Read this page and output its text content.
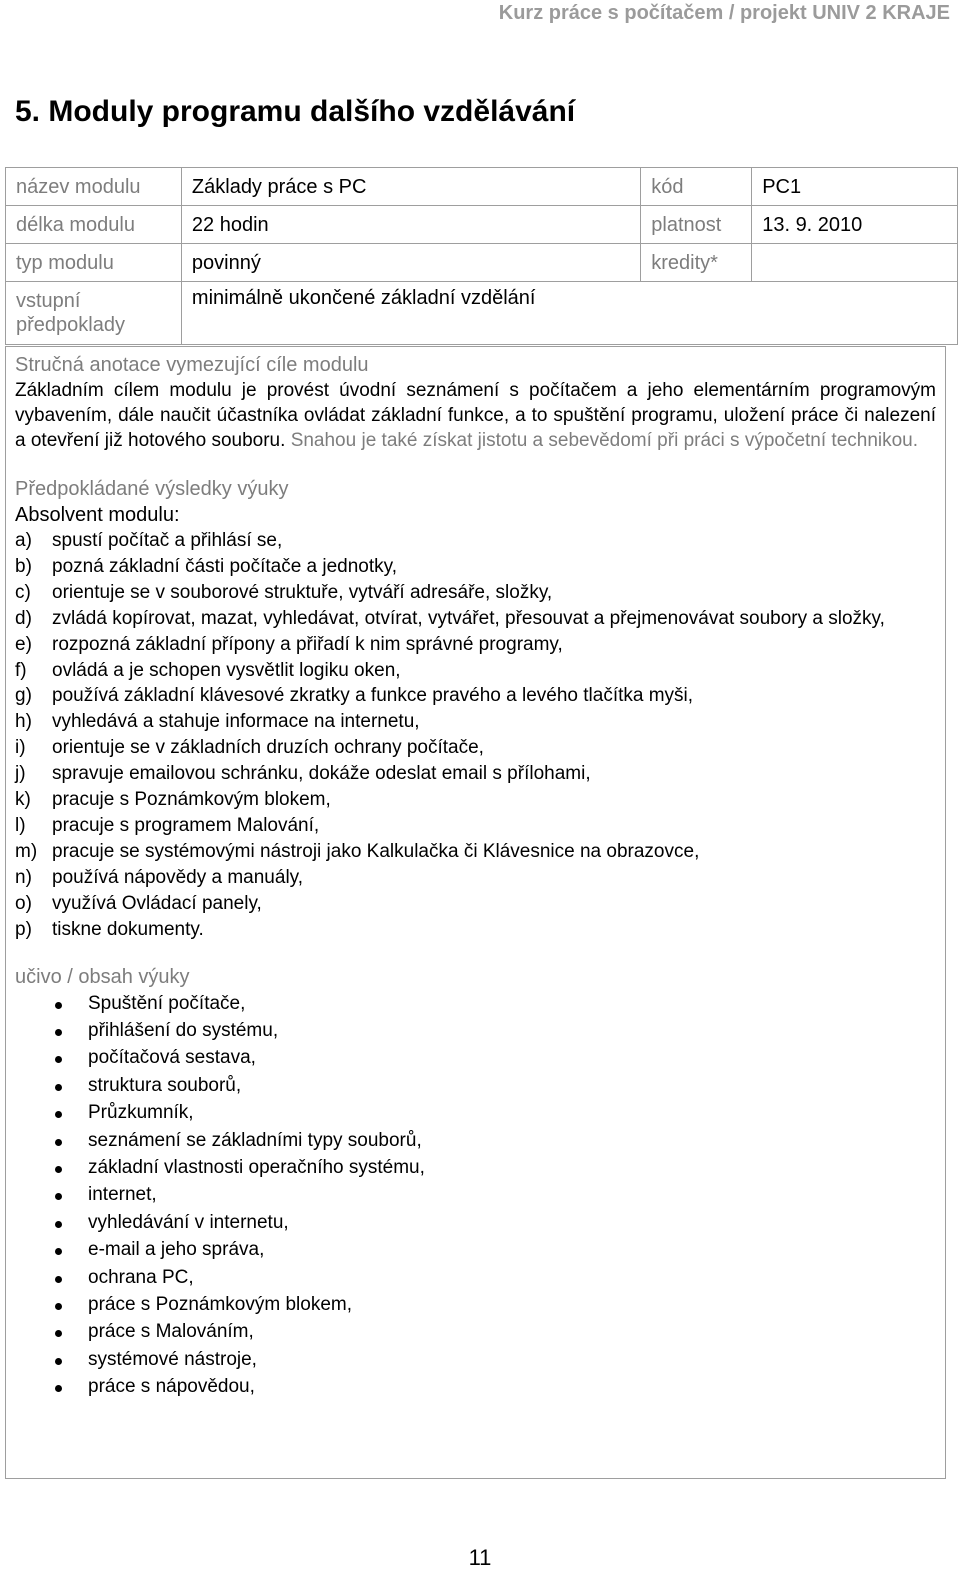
Kurz práce s počítačem / projekt UNIV 2 KRAJE
5. Moduly programu dalšího vzdělávání
název modulu	Základy práce s PC	kód	PC1
délka modulu	22 hodin	platnost	13. 9. 2010
typ modulu	povinný	kredity*	
vstupní předpoklady	minimálně ukončené základní vzdělání		
Stručná anotace vymezující cíle modulu
Základním cílem modulu je provést úvodní seznámení s počítačem a jeho elementárním programovým vybavením, dále naučit účastníka ovládat základní funkce, a to spuštění programu, uložení práce či nalezení a otevření již hotového souboru. Snahou je také získat jistotu a sebevědomí při práci s výpočetní technikou.
Předpokládané výsledky výuky
Absolvent modulu:
a) spustí počítač a přihlásí se,
b) pozná základní části počítače a jednotky,
c) orientuje se v souborové struktuře, vytváří adresáře, složky,
d) zvládá kopírovat, mazat, vyhledávat, otvírat, vytvářet, přesouvat a přejmenovávat soubory a složky,
e) rozpozná základní přípony a přiřadí k nim správné programy,
f) ovládá a je schopen vysvětlit logiku oken,
g) používá základní klávesové zkratky a funkce pravého a levého tlačítka myši,
h) vyhledává a stahuje informace na internetu,
i) orientuje se v základních druzích ochrany počítače,
j) spravuje emailovou schránku, dokáže odeslat email s přílohami,
k) pracuje s Poznámkovým blokem,
l) pracuje s programem Malování,
m) pracuje se systémovými nástroji jako Kalkulačka či Klávesnice na obrazovce,
n) používá nápovědy a manuály,
o) využívá Ovládací panely,
p) tiskne dokumenty.
učivo / obsah výuky
Spuštění počítače,
přihlášení do systému,
počítačová sestava,
struktura souborů,
Průzkumník,
seznámení se základními typy souborů,
základní vlastnosti operačního systému,
internet,
vyhledávání v internetu,
e-mail a jeho správa,
ochrana PC,
práce s Poznámkovým blokem,
práce s Malováním,
systémové nástroje,
práce s nápovědou,
11
